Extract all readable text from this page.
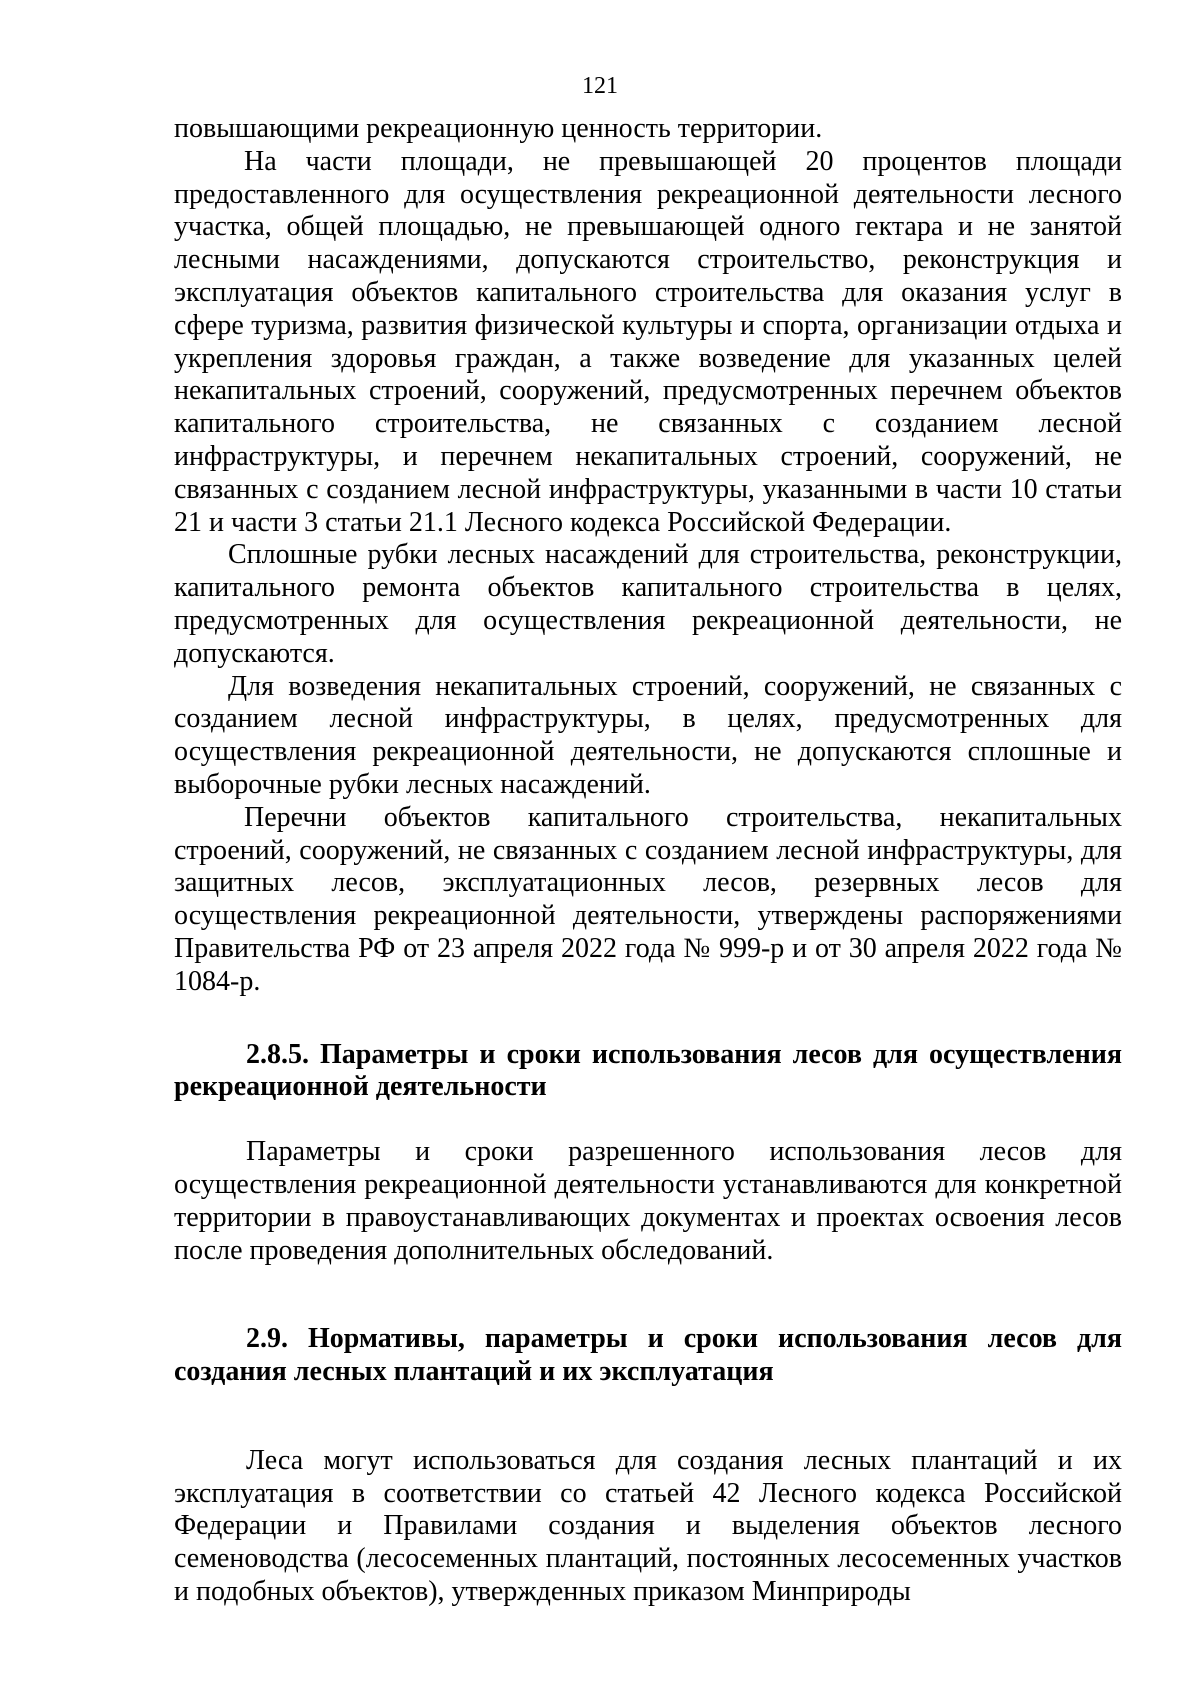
121

повышающими рекреационную ценность территории.

На части площади, не превышающей 20 процентов площади предоставленного для осуществления рекреационной деятельности лесного участка, общей площадью, не превышающей одного гектара и не занятой лесными насаждениями, допускаются строительство, реконструкция и эксплуатация объектов капитального строительства для оказания услуг в сфере туризма, развития физической культуры и спорта, организации отдыха и укрепления здоровья граждан, а также возведение для указанных целей некапитальных строений, сооружений, предусмотренных перечнем объектов капитального строительства, не связанных с созданием лесной инфраструктуры, и перечнем некапитальных строений, сооружений, не связанных с созданием лесной инфраструктуры, указанными в части 10 статьи 21 и части 3 статьи 21.1 Лесного кодекса Российской Федерации.

Сплошные рубки лесных насаждений для строительства, реконструкции, капитального ремонта объектов капитального строительства в целях, предусмотренных для осуществления рекреационной деятельности, не допускаются.

Для возведения некапитальных строений, сооружений, не связанных с созданием лесной инфраструктуры, в целях, предусмотренных для осуществления рекреационной деятельности, не допускаются сплошные и выборочные рубки лесных насаждений.

Перечни объектов капитального строительства, некапитальных строений, сооружений, не связанных с созданием лесной инфраструктуры, для защитных лесов, эксплуатационных лесов, резервных лесов для осуществления рекреационной деятельности, утверждены распоряжениями Правительства РФ от 23 апреля 2022 года № 999-р и от 30 апреля 2022 года № 1084-р.

2.8.5. Параметры и сроки использования лесов для осуществления рекреационной деятельности

Параметры и сроки разрешенного использования лесов для осуществления рекреационной деятельности устанавливаются для конкретной территории в правоустанавливающих документах и проектах освоения лесов после проведения дополнительных обследований.

2.9. Нормативы, параметры и сроки использования лесов для создания лесных плантаций и их эксплуатация

Леса могут использоваться для создания лесных плантаций и их эксплуатация в соответствии со статьей 42 Лесного кодекса Российской Федерации и Правилами создания и выделения объектов лесного семеноводства (лесосеменных плантаций, постоянных лесосеменных участков и подобных объектов), утвержденных приказом Минприроды
